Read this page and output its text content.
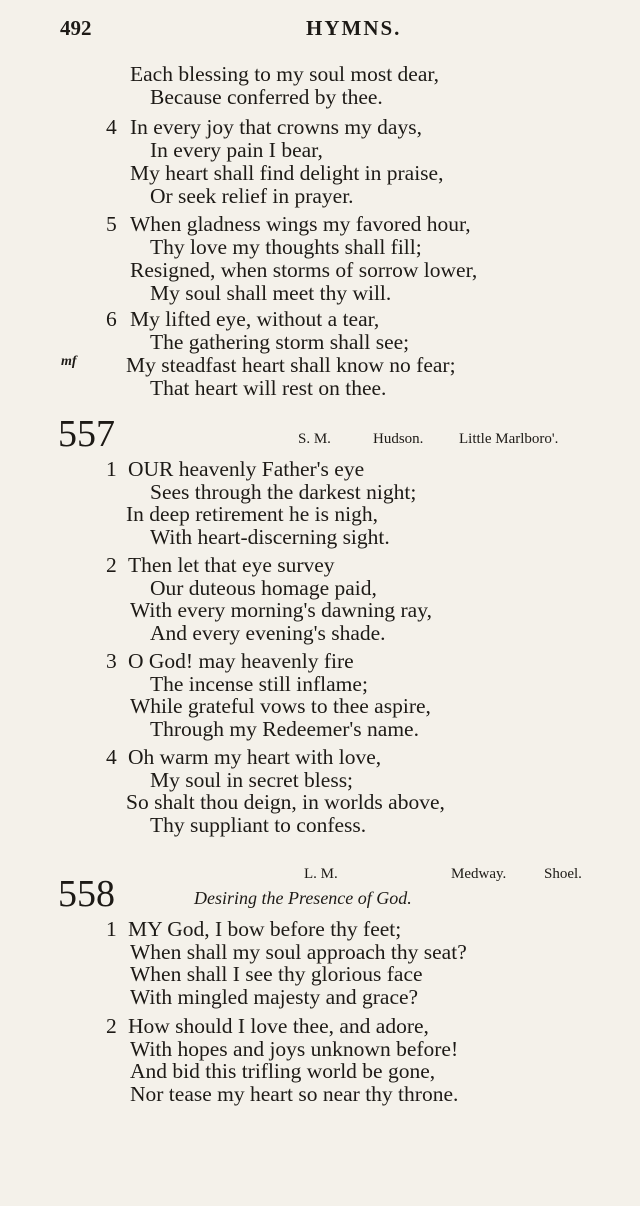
492	HYMNS.
Each blessing to my soul most dear,
Because conferred by thee.
4 In every joy that crowns my days,
In every pain I bear,
My heart shall find delight in praise,
Or seek relief in prayer.
5 When gladness wings my favored hour,
Thy love my thoughts shall fill;
Resigned, when storms of sorrow lower,
My soul shall meet thy will.
6 My lifted eye, without a tear,
The gathering storm shall see;
mf My steadfast heart shall know no fear;
That heart will rest on thee.
557	S. M.	Hudson. Little Marlboro'.
1 OUR heavenly Father's eye
Sees through the darkest night;
In deep retirement he is nigh,
With heart-discerning sight.
2 Then let that eye survey
Our duteous homage paid,
With every morning's dawning ray,
And every evening's shade.
3 O God! may heavenly fire
The incense still inflame;
While grateful vows to thee aspire,
Through my Redeemer's name.
4 Oh warm my heart with love,
My soul in secret bless;
So shalt thou deign, in worlds above,
Thy suppliant to confess.
L. M.	Medway.	Shoel.
558	Desiring the Presence of God.
1 MY God, I bow before thy feet;
When shall my soul approach thy seat?
When shall I see thy glorious face
With mingled majesty and grace?
2 How should I love thee, and adore,
With hopes and joys unknown before!
And bid this trifling world be gone,
Nor tease my heart so near thy throne.
